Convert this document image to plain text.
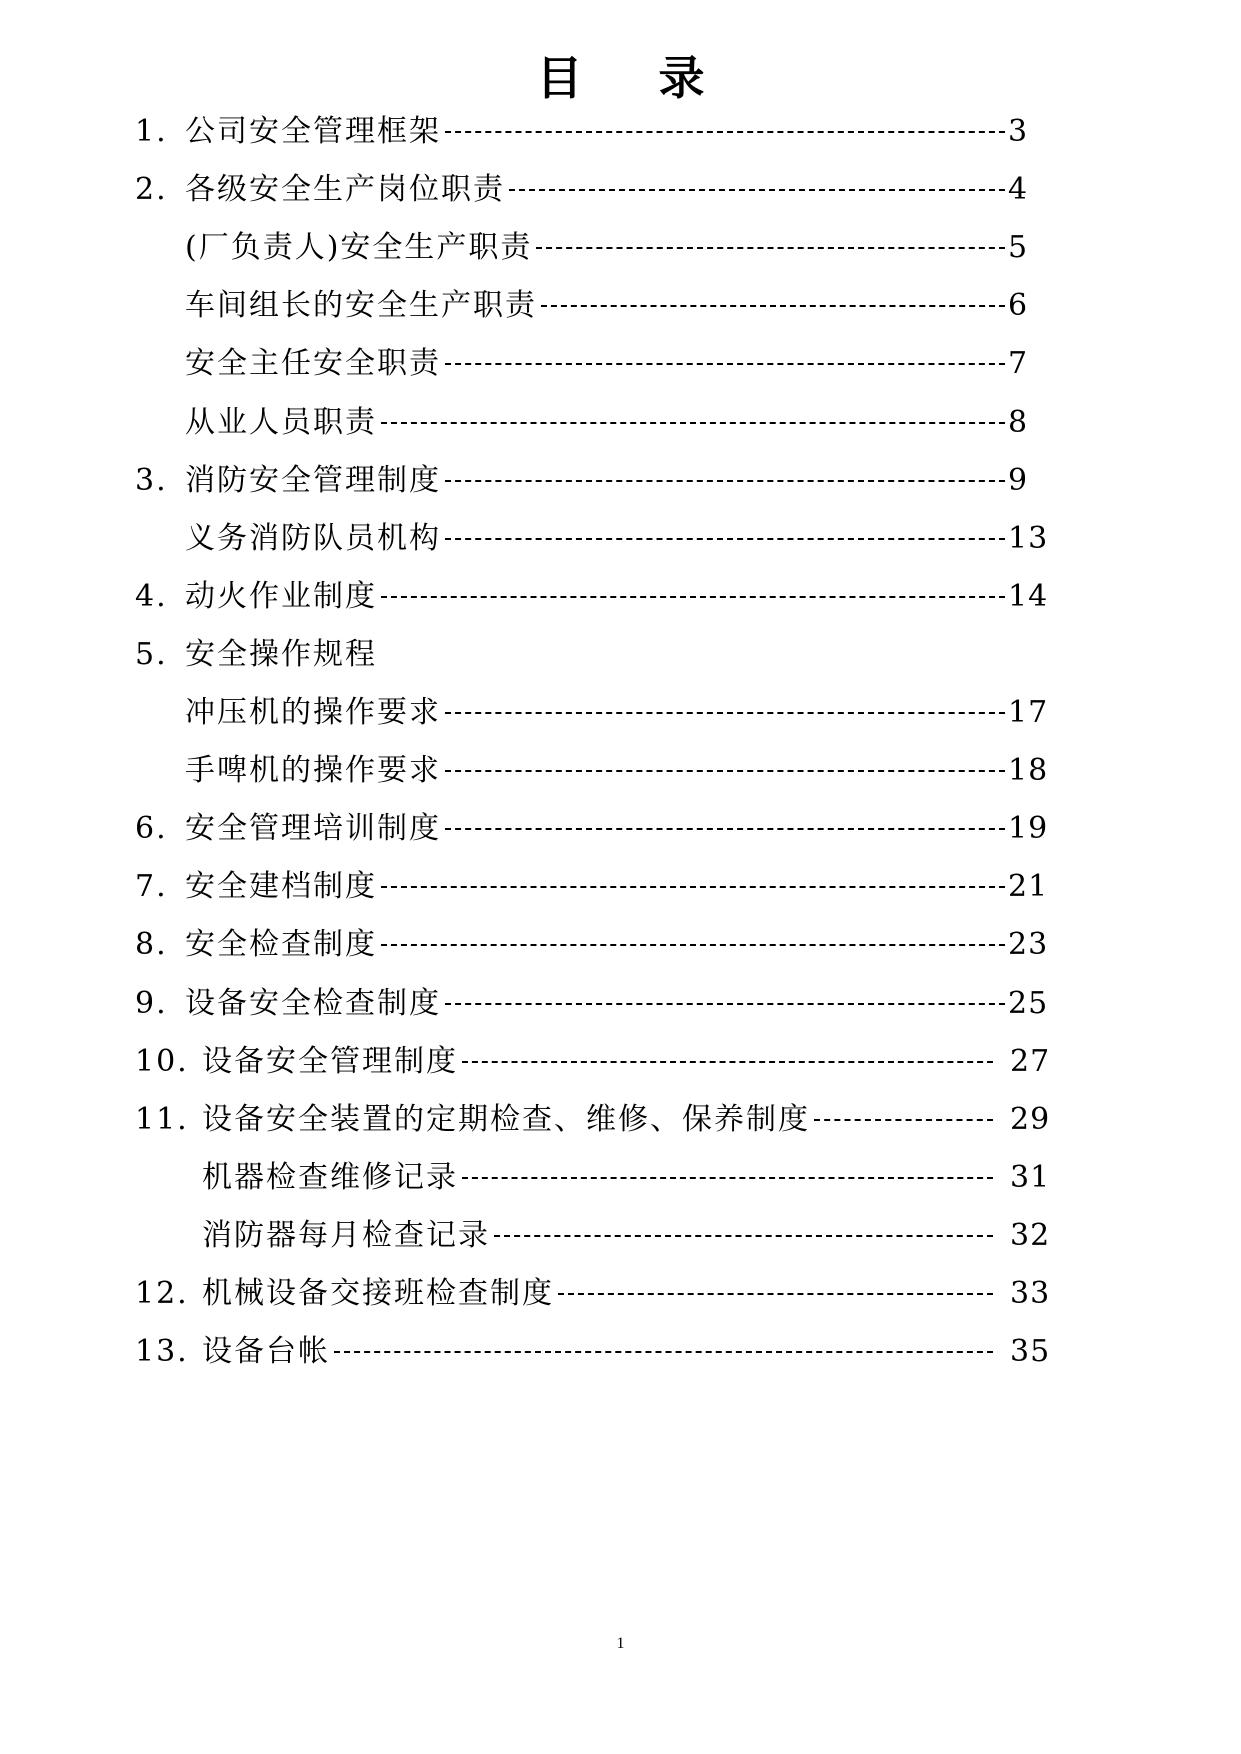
目 录
1. 公司安全管理框架	3
2. 各级安全生产岗位职责	4
(厂负责人)安全生产职责	5
车间组长的安全生产职责	6
安全主任安全职责	7
从业人员职责	8
3. 消防安全管理制度	9
义务消防队员机构	13
4. 动火作业制度	14
5. 安全操作规程
冲压机的操作要求	17
手啤机的操作要求	18
6. 安全管理培训制度	19
7. 安全建档制度	21
8. 安全检查制度	23
9. 设备安全检查制度	25
10. 设备安全管理制度	27
11. 设备安全装置的定期检查、维修、保养制度	29
机器检查维修记录	31
消防器每月检查记录	32
12. 机械设备交接班检查制度	33
13. 设备台帐	35
1
